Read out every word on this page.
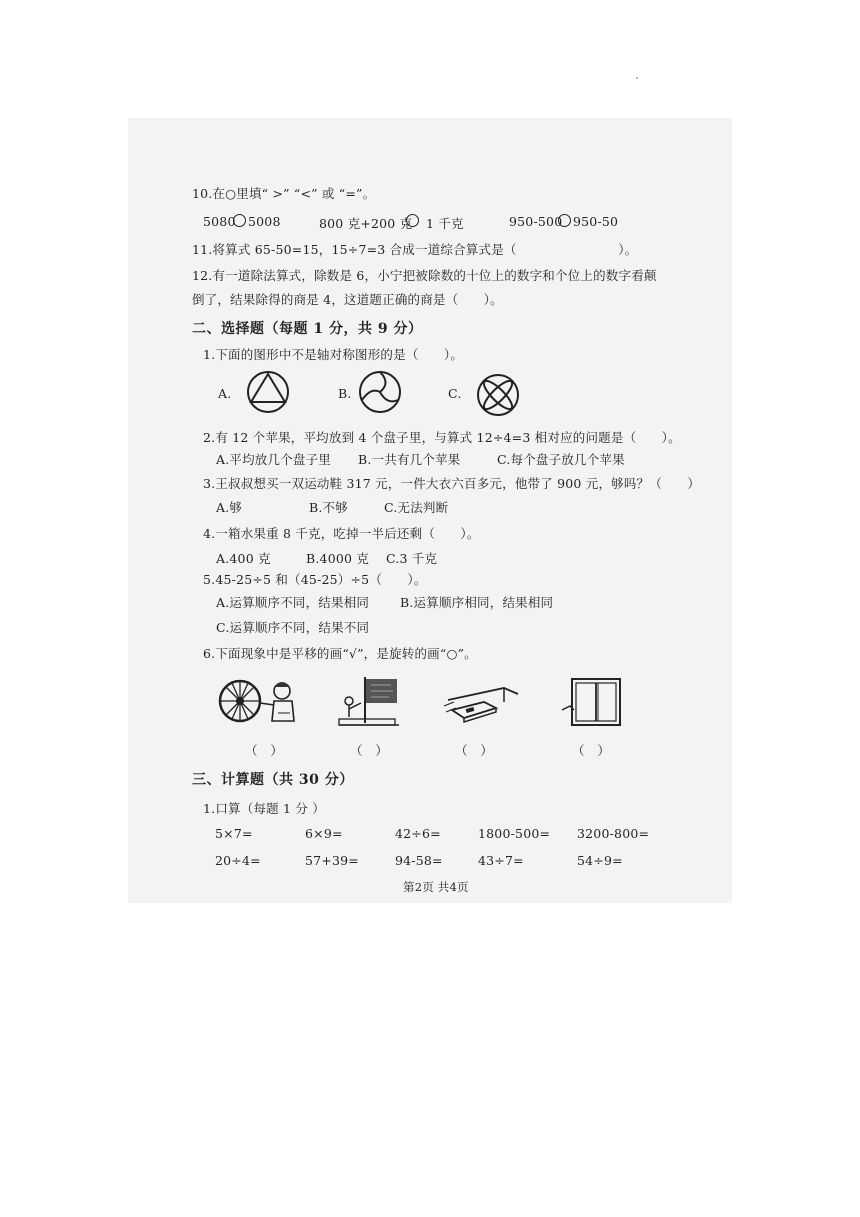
10.在○里填“ >” “<” 或 “=”。
5080 5008	800 克+200 克 1 千克	950-500 950-50
11.将算式 65-50=15，15÷7=3 合成一道综合算式是（　　　　　　　　）。
12.有一道除法算式，除数是 6，小宁把被除数的十位上的数字和个位上的数字看颠
倒了，结果除得的商是 4，这道题正确的商是（　　）。
二、选择题（每题 1 分，共 9 分）
1.下面的图形中不是轴对称图形的是（　　）。
A.	B.	C.
2.有 12 个苹果，平均放到 4 个盘子里，与算式 12÷4=3 相对应的问题是（　　）。
A.平均放几个盘子里 B.一共有几个苹果	C.每个盘子放几个苹果
3.王叔叔想买一双运动鞋 317 元，一件大衣六百多元，他带了 900 元，够吗？（　　）
A.够	B.不够	C.无法判断
4.一箱水果重 8 千克，吃掉一半后还剩（　　）。
A.400 克	B.4000 克 C.3 千克
5.45-25÷5 和（45-25）÷5（　　）。
A.运算顺序不同，结果相同 B.运算顺序相同，结果相同
C.运算顺序不同，结果不同
6.下面现象中是平移的画“√”，是旋转的画“○”。
（　）	（　）	（　）	（　）
三、计算题（共 30 分）
1.口算（每题 1 分 ）
5×7=	6×9=	42÷6=	1800-500= 3200-800=
20÷4=	57+39=	94-58=	43÷7=	54÷9=
第2页 共4页
